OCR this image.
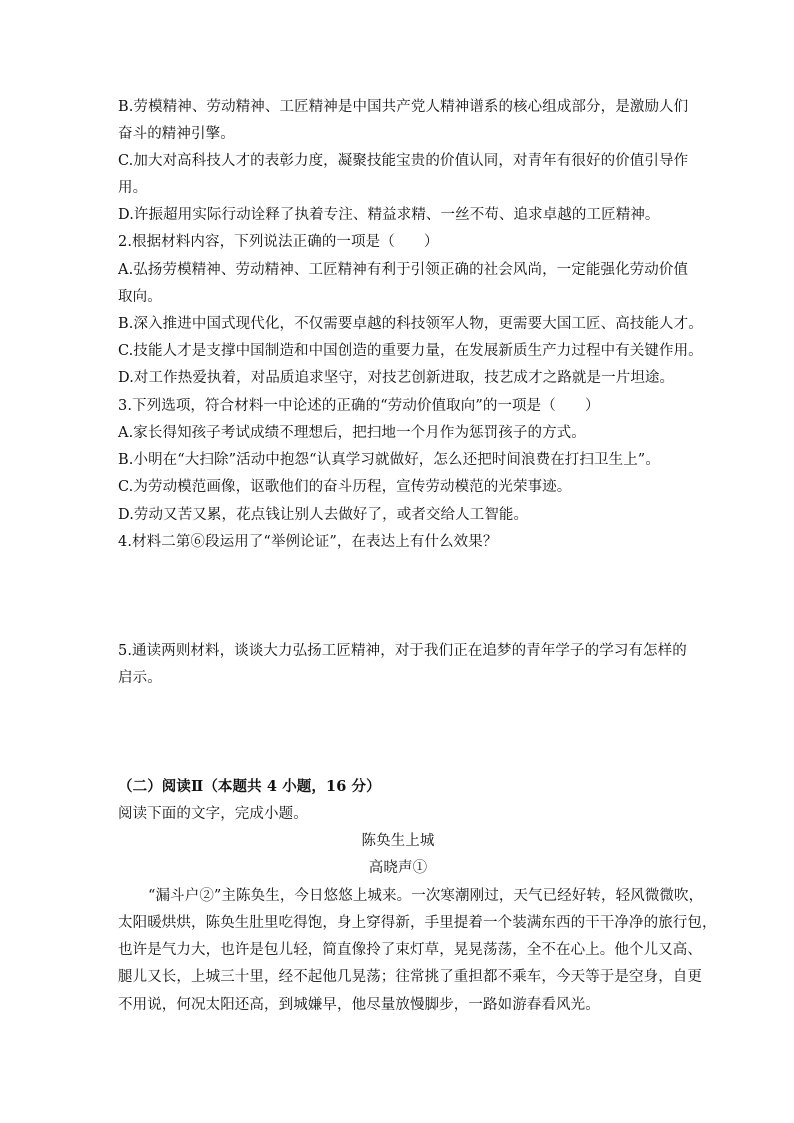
B.劳模精神、劳动精神、工匠精神是中国共产党人精神谱系的核心组成部分，是激励人们
奋斗的精神引擎。
C.加大对高科技人才的表彰力度，凝聚技能宝贵的价值认同，对青年有很好的价值引导作
用。
D.许振超用实际行动诠释了执着专注、精益求精、一丝不苟、追求卓越的工匠精神。
2.根据材料内容，下列说法正确的一项是（　　）
A.弘扬劳模精神、劳动精神、工匠精神有利于引领正确的社会风尚，一定能强化劳动价值
取向。
B.深入推进中国式现代化，不仅需要卓越的科技领军人物，更需要大国工匠、高技能人才。
C.技能人才是支撑中国制造和中国创造的重要力量，在发展新质生产力过程中有关键作用。
D.对工作热爱执着，对品质追求坚守，对技艺创新进取，技艺成才之路就是一片坦途。
3.下列选项，符合材料一中论述的正确的“劳动价值取向”的一项是（　　）
A.家长得知孩子考试成绩不理想后，把扫地一个月作为惩罚孩子的方式。
B.小明在“大扫除”活动中抱怨“认真学习就做好，怎么还把时间浪费在打扫卫生上”。
C.为劳动模范画像，讴歌他们的奋斗历程，宣传劳动模范的光荣事迹。
D.劳动又苦又累，花点钱让别人去做好了，或者交给人工智能。
4.材料二第⑥段运用了“举例论证”，在表达上有什么效果？
5.通读两则材料，谈谈大力弘扬工匠精神，对于我们正在追梦的青年学子的学习有怎样的
启示。
（二）阅读Ⅱ（本题共 4 小题，16 分）
阅读下面的文字，完成小题。
陈奂生上城
高晓声①
“漏斗户②”主陈奂生，今日悠悠上城来。一次寒潮刚过，天气已经好转，轻风微微吹，
太阳暖烘烘，陈奂生肚里吃得饱，身上穿得新，手里提着一个装满东西的干干净净的旅行包，
也许是气力大，也许是包儿轻，简直像拎了束灯草，晃晃荡荡，全不在心上。他个儿又高、
腿儿又长，上城三十里，经不起他几晃荡；往常挑了重担都不乘车，今天等于是空身，自更
不用说，何况太阳还高，到城嫌早，他尽量放慢脚步，一路如游春看风光。
